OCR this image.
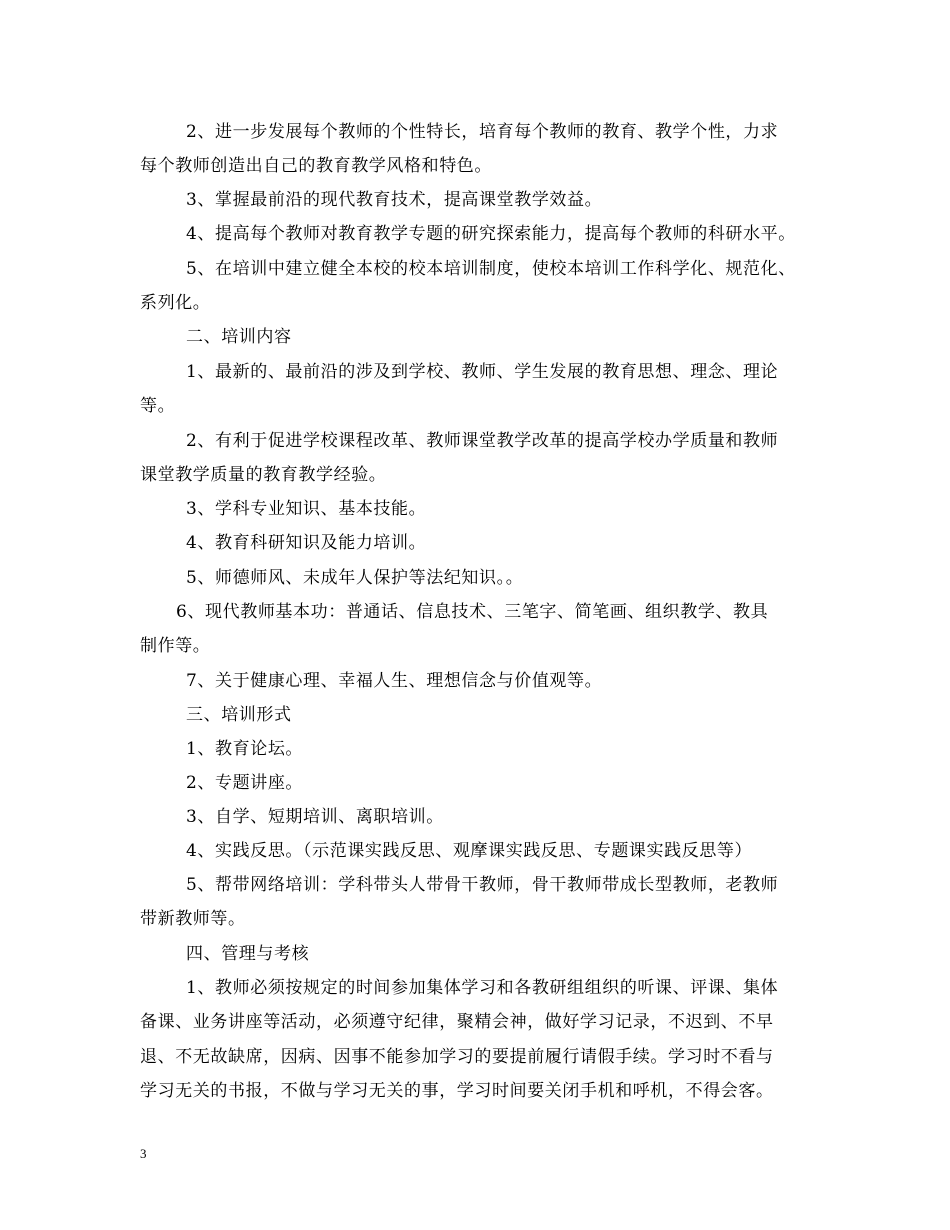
2、进一步发展每个教师的个性特长，培育每个教师的教育、教学个性，力求
每个教师创造出自己的教育教学风格和特色。
3、掌握最前沿的现代教育技术，提高课堂教学效益。
4、提高每个教师对教育教学专题的研究探索能力，提高每个教师的科研水平。
5、在培训中建立健全本校的校本培训制度，使校本培训工作科学化、规范化、
系列化。
二、培训内容
1、最新的、最前沿的涉及到学校、教师、学生发展的教育思想、理念、理论
等。
2、有利于促进学校课程改革、教师课堂教学改革的提高学校办学质量和教师
课堂教学质量的教育教学经验。
3、学科专业知识、基本技能。
4、教育科研知识及能力培训。
5、师德师风、未成年人保护等法纪知识。。
6、现代教师基本功：普通话、信息技术、三笔字、简笔画、组织教学、教具
制作等。
7、关于健康心理、幸福人生、理想信念与价值观等。
三、培训形式
1、教育论坛。
2、专题讲座。
3、自学、短期培训、离职培训。
4、实践反思。（示范课实践反思、观摩课实践反思、专题课实践反思等）
5、帮带网络培训：学科带头人带骨干教师，骨干教师带成长型教师，老教师
带新教师等。
四、管理与考核
1、教师必须按规定的时间参加集体学习和各教研组组织的听课、评课、集体
备课、业务讲座等活动，必须遵守纪律，聚精会神，做好学习记录，不迟到、不早
退、不无故缺席，因病、因事不能参加学习的要提前履行请假手续。学习时不看与
学习无关的书报，不做与学习无关的事，学习时间要关闭手机和呼机，不得会客。
3
